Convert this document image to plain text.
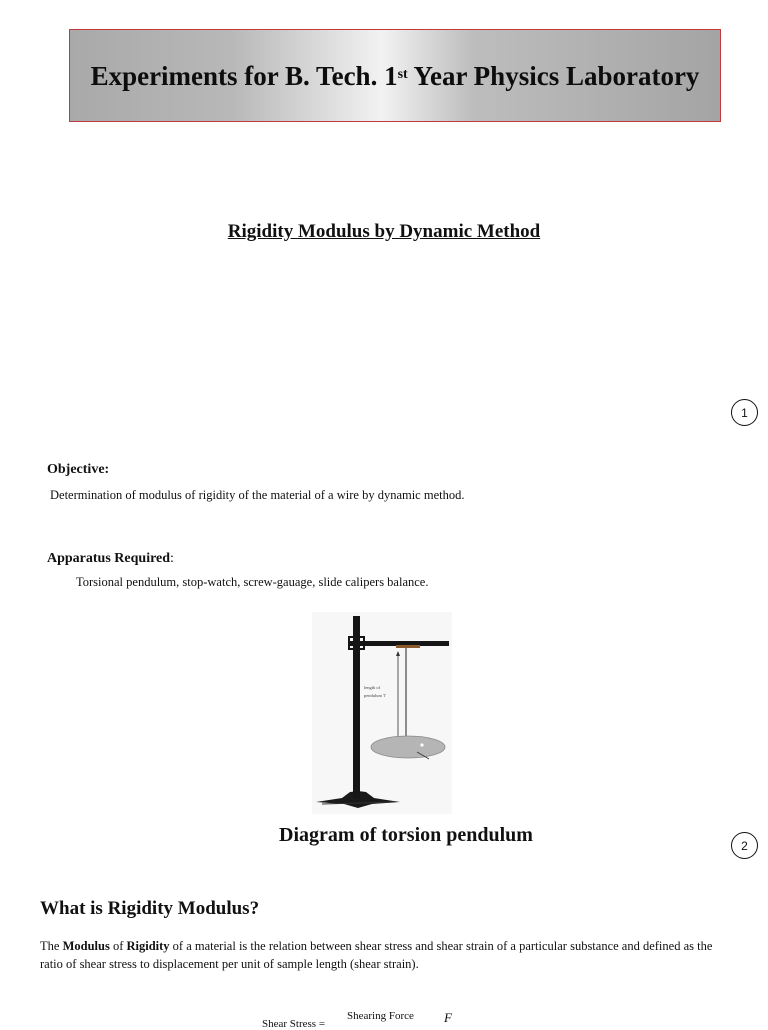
Experiments for B. Tech. 1st Year Physics Laboratory
Rigidity Modulus by Dynamic Method
1
Objective:
Determination of modulus of rigidity of the material of a wire by dynamic method.
Apparatus Required:
Torsional pendulum, stop-watch, screw-gauage, slide calipers balance.
length of
pendulum 'l'
Diagram of torsion pendulum	2
What is Rigidity Modulus?
The Modulus of Rigidity of a material is the relation between shear stress and shear strain of a particular substance and defined as the ratio of shear stress to displacement per unit of sample length (shear strain).
Shear Stress =
Shearing Force F
